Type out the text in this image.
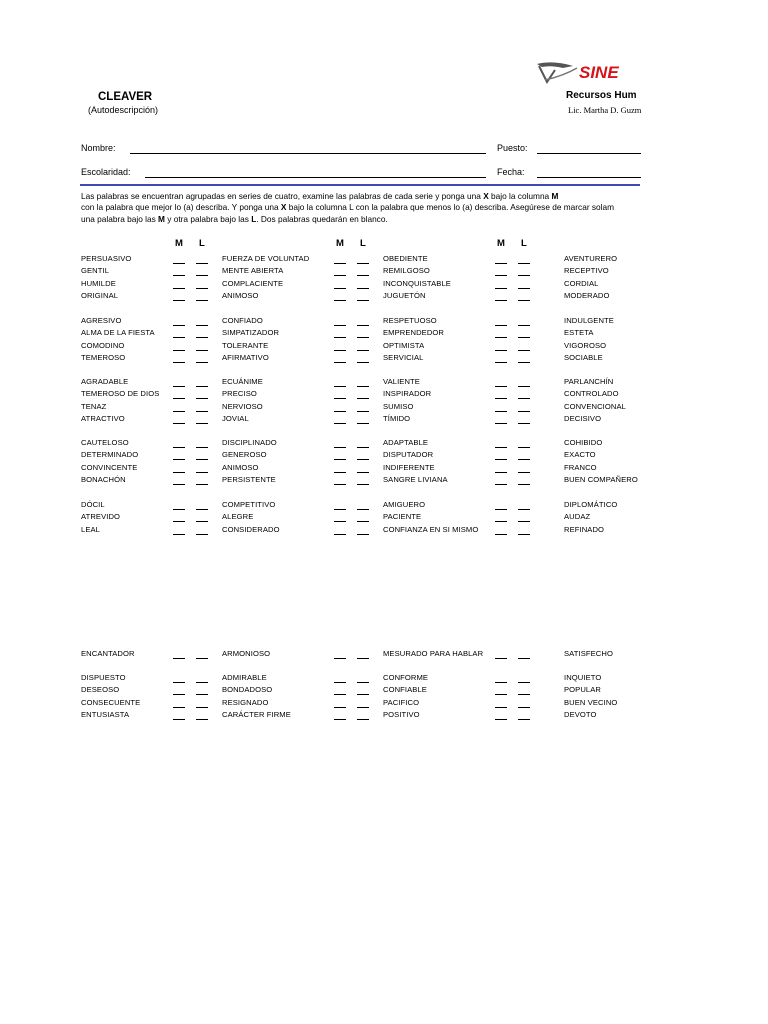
CLEAVER
(Autodescripción)
SINE
Recursos Hum
Lic. Martha D. Guzm
Nombre:	Puesto:
Escolaridad:	Fecha:
Las palabras se encuentran agrupadas en series de cuatro, examine las palabras de cada serie y ponga una X bajo la columna M
con la palabra que mejor lo (a) describa. Y ponga una X bajo la columna L con la palabra que menos lo (a) describa. Asegúrese de marcar solam
una palabra bajo las M y otra palabra bajo las L. Dos palabras quedarán en blanco.
M L	M L	M L
PERSUASIVO	FUERZA DE VOLUNTAD	OBEDIENTE	AVENTURERO
GENTIL	MENTE ABIERTA	REMILGOSO	RECEPTIVO
HUMILDE	COMPLACIENTE	INCONQUISTABLE	CORDIAL
ORIGINAL	ANIMOSO	JUGUETÓN	MODERADO
AGRESIVO	CONFIADO	RESPETUOSO	INDULGENTE
ALMA DE LA FIESTA	SIMPATIZADOR	EMPRENDEDOR	ESTETA
COMODINO	TOLERANTE	OPTIMISTA	VIGOROSO
TEMEROSO	AFIRMATIVO	SERVICIAL	SOCIABLE
AGRADABLE	ECUÁNIME	VALIENTE	PARLANCHÍN
TEMEROSO DE DIOS	PRECISO	INSPIRADOR	CONTROLADO
TENAZ	NERVIOSO	SUMISO	CONVENCIONAL
ATRACTIVO	JOVIAL	TÍMIDO	DECISIVO
CAUTELOSO	DISCIPLINADO	ADAPTABLE	COHIBIDO
DETERMINADO	GENEROSO	DISPUTADOR	EXACTO
CONVINCENTE	ANIMOSO	INDIFERENTE	FRANCO
BONACHÓN	PERSISTENTE	SANGRE LIVIANA	BUEN COMPAÑERO
DÓCIL	COMPETITIVO	AMIGUERO	DIPLOMÁTICO
ATREVIDO	ALEGRE	PACIENTE	AUDAZ
LEAL	CONSIDERADO	CONFIANZA EN SI MISMO	REFINADO
ENCANTADOR	ARMONIOSO	MESURADO PARA HABLAR	SATISFECHO
DISPUESTO	ADMIRABLE	CONFORME	INQUIETO
DESEOSO	BONDADOSO	CONFIABLE	POPULAR
CONSECUENTE	RESIGNADO	PACIFICO	BUEN VECINO
ENTUSIASTA	CARÁCTER FIRME	POSITIVO	DEVOTO
